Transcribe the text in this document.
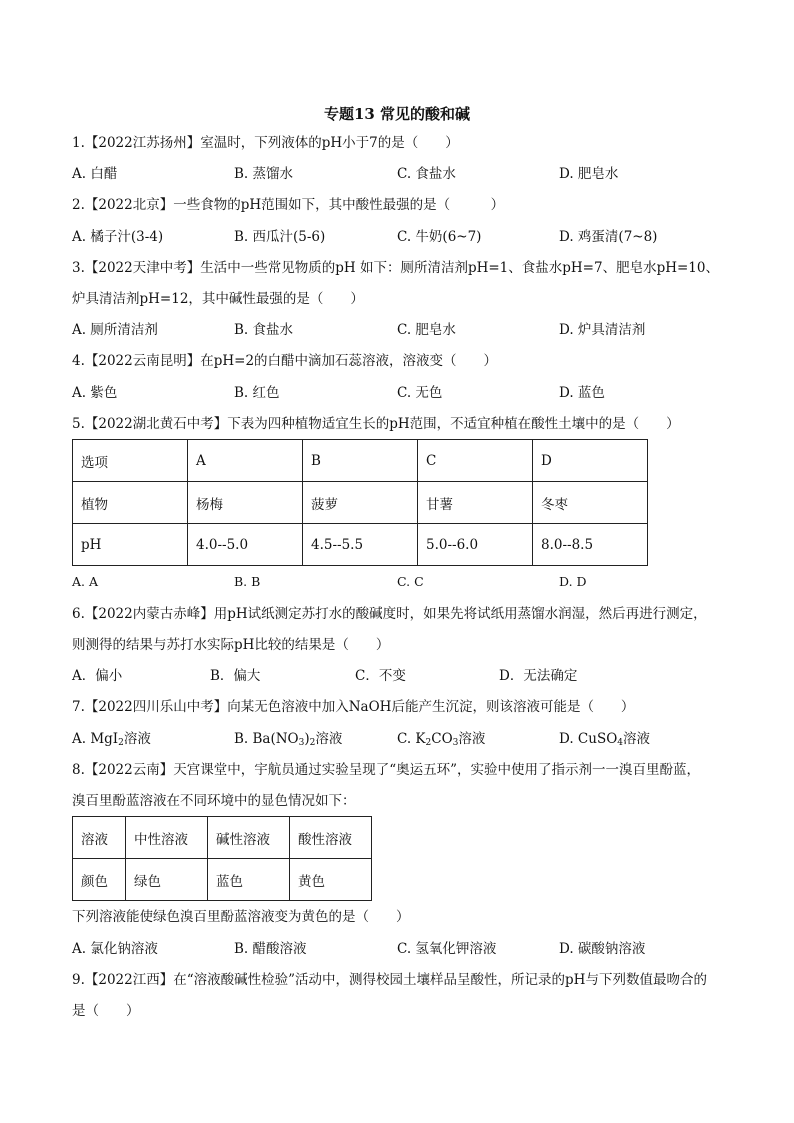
专题13 常见的酸和碱
1.【2022江苏扬州】室温时，下列液体的pH小于7的是（　　）
A. 白醋	B. 蒸馏水	C. 食盐水	D. 肥皂水
2.【2022北京】一些食物的pH范围如下，其中酸性最强的是（　　　）
A. 橘子汁(3-4)	B. 西瓜汁(5-6)	C. 牛奶(6~7)	D. 鸡蛋清(7~8)
3.【2022天津中考】生活中一些常见物质的pH 如下：厕所清洁剂pH=1、食盐水pH=7、肥皂水pH=10、
炉具清洁剂pH=12，其中碱性最强的是（　　）
A. 厕所清洁剂	B. 食盐水	C. 肥皂水	D. 炉具清洁剂
4.【2022云南昆明】在pH=2的白醋中滴加石蕊溶液，溶液变（　　）
A. 紫色	B. 红色	C. 无色	D. 蓝色
5.【2022湖北黄石中考】下表为四种植物适宜生长的pH范围，不适宜种植在酸性土壤中的是（　　）
选项	A	B	C	D
植物	杨梅	菠萝	甘薯	冬枣
pH	4.0--5.0	4.5--5.5	5.0--6.0	8.0--8.5
A. A	B. B	C. C	D. D
6.【2022内蒙古赤峰】用pH试纸测定苏打水的酸碱度时，如果先将试纸用蒸馏水润湿，然后再进行测定，
则测得的结果与苏打水实际pH比较的结果是（　　）
A．偏小	B．偏大	C．不变	D．无法确定
7.【2022四川乐山中考】向某无色溶液中加入NaOH后能产生沉淀，则该溶液可能是（　　）
A. MgI$_2$溶液	B. $Ba(NO_3)_2$溶液	C. $K_2CO_3$溶液	D. CuSO$_4$溶液
8.【2022云南】天宫课堂中，宇航员通过实验呈现了“奥运五环”，实验中使用了指示剂一一溴百里酚蓝，
溴百里酚蓝溶液在不同环境中的显色情况如下：
溶液	中性溶液	碱性溶液	酸性溶液
颜色	绿色	蓝色	黄色
下列溶液能使绿色溴百里酚蓝溶液变为黄色的是（　　）
A. 氯化钠溶液	B. 醋酸溶液	C. 氢氧化钾溶液	D. 碳酸钠溶液
9.【2022江西】在“溶液酸碱性检验”活动中，测得校园土壤样品呈酸性，所记录的pH与下列数值最吻合的
是（　　）
